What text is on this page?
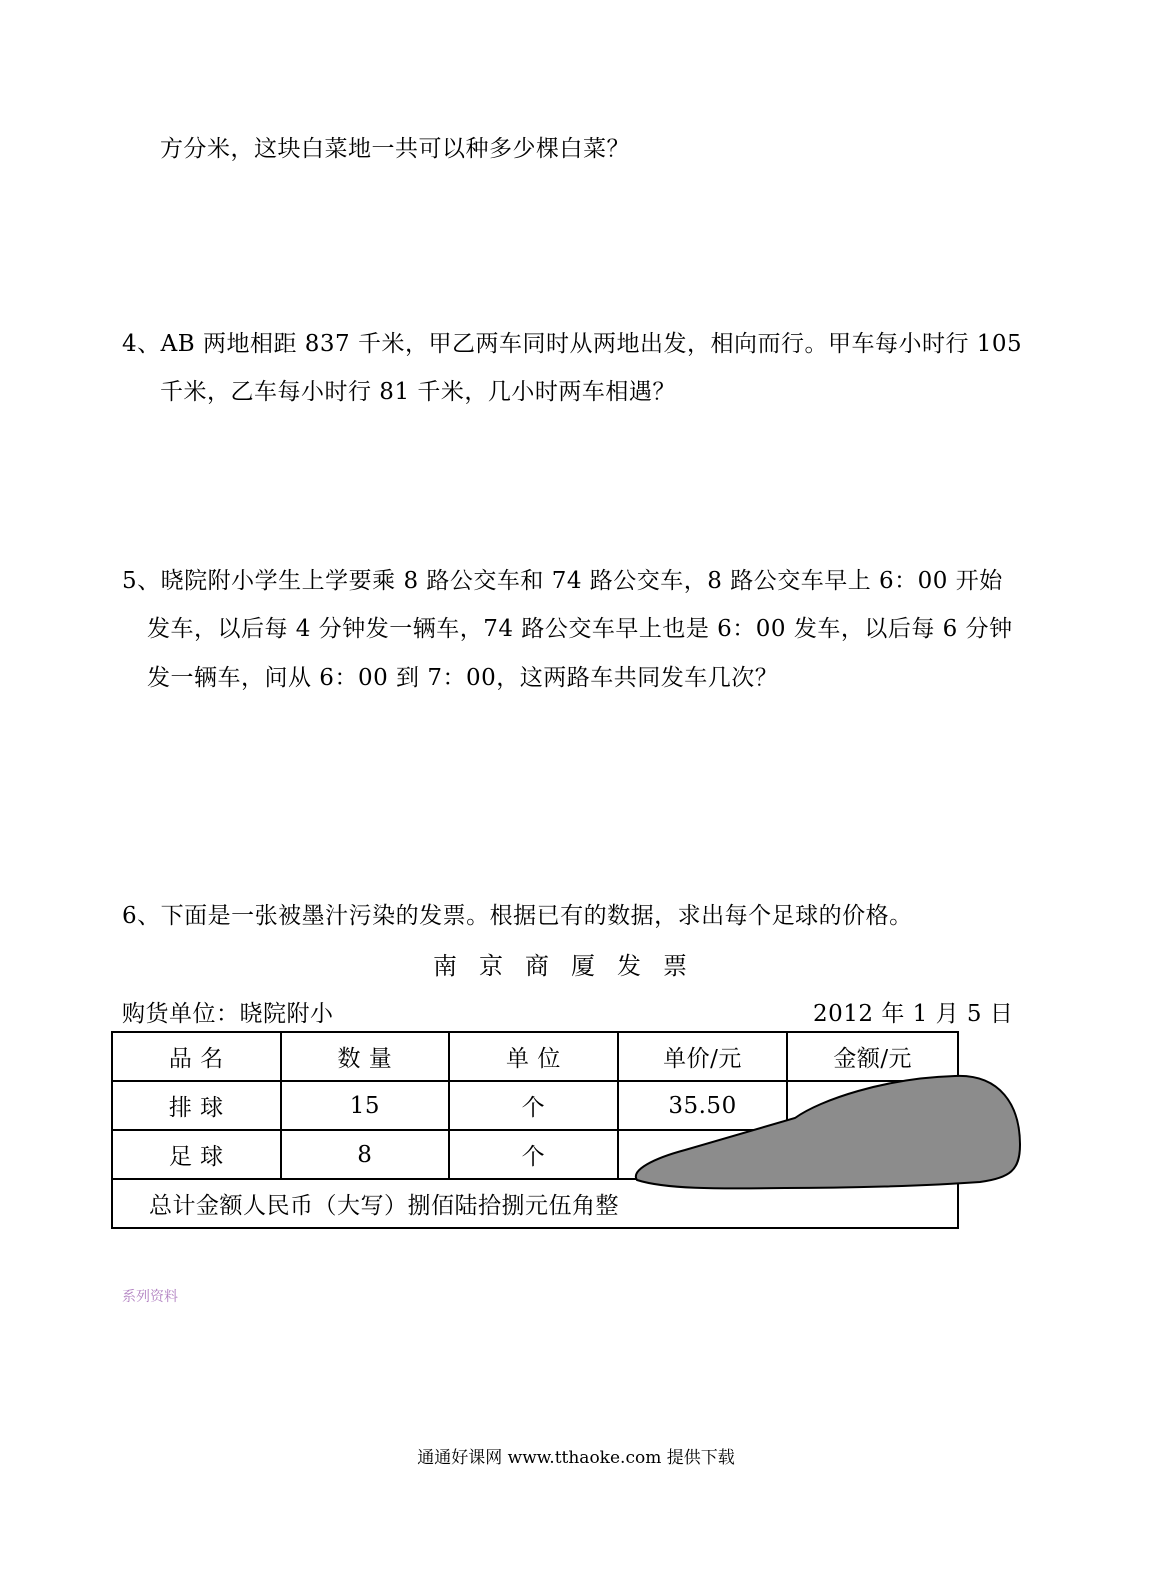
方分米，这块白菜地一共可以种多少棵白菜？
4、AB 两地相距 837 千米，甲乙两车同时从两地出发，相向而行。甲车每小时行 105
千米，乙车每小时行 81 千米，几小时两车相遇？
5、晓院附小学生上学要乘 8 路公交车和 74 路公交车，8 路公交车早上 6：00 开始
发车，以后每 4 分钟发一辆车，74 路公交车早上也是 6：00 发车，以后每 6 分钟
发一辆车，问从 6：00 到 7：00，这两路车共同发车几次？
6、下面是一张被墨汁污染的发票。根据已有的数据，求出每个足球的价格。
南京商厦发票
购货单位：晓院附小	2012 年 1 月 5 日
品 名	数 量	单 位	单价/元	金额/元
排 球	15	个	35.50	
足 球	8	个		
总计金额人民币（大写）捌佰陆拾捌元伍角整				
系列资料
通通好课网 www.tthaoke.com 提供下载
